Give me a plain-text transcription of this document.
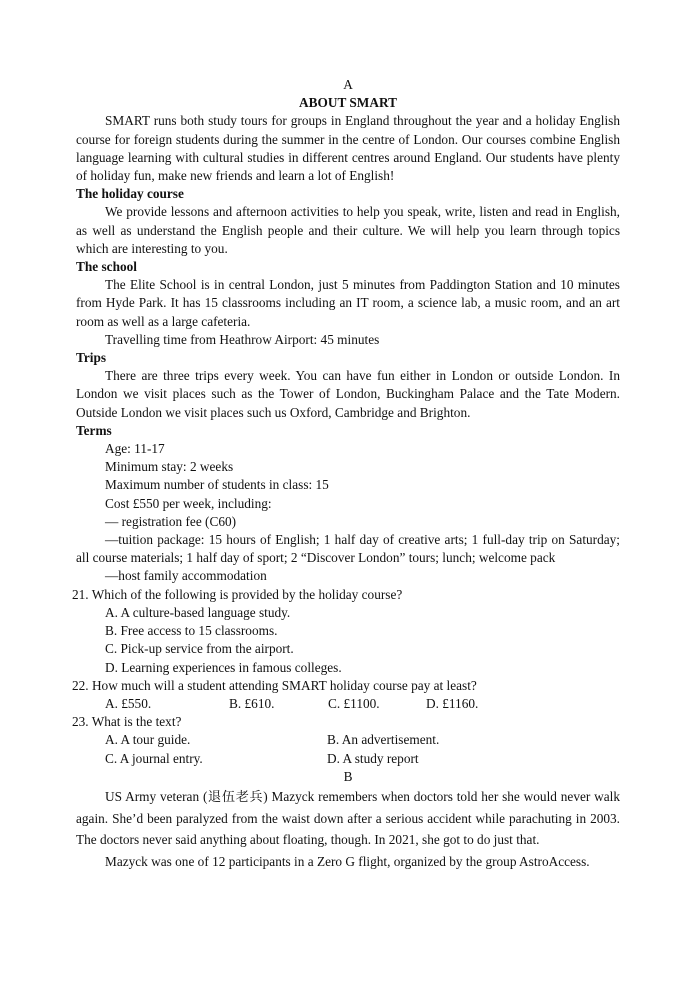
A
ABOUT SMART

SMART runs both study tours for groups in England throughout the year and a holiday English course for foreign students during the summer in the centre of London. Our courses combine English language learning with cultural studies in different centres around England. Our students have plenty of holiday fun, make new friends and learn a lot of English!

The holiday course

We provide lessons and afternoon activities to help you speak, write, listen and read in English, as well as understand the English people and their culture. We will help you learn through topics which are interesting to you.

The school

The Elite School is in central London, just 5 minutes from Paddington Station and 10 minutes from Hyde Park. It has 15 classrooms including an IT room, a science lab, a music room, and an art room as well as a large cafeteria.

Travelling time from Heathrow Airport: 45 minutes

Trips

There are three trips every week. You can have fun either in London or outside London. In London we visit places such as the Tower of London, Buckingham Palace and the Tate Modern. Outside London we visit places such us Oxford, Cambridge and Brighton.

Terms

Age: 11-17

Minimum stay: 2 weeks

Maximum number of students in class: 15

Cost £550 per week, including:

— registration fee (C60)

—tuition package: 15 hours of English; 1 half day of creative arts; 1 full-day trip on Saturday; all course materials; 1 half day of sport; 2 “Discover London” tours; lunch; welcome pack

—host family accommodation

21. Which of the following is provided by the holiday course?
A. A culture-based language study.
B. Free access to 15 classrooms.
C. Pick-up service from the airport.
D. Learning experiences in famous colleges.
22. How much will a student attending SMART holiday course pay at least?
A. £550.	B. £610.	C. £1100.	D. £1160.
23. What is the text?
A. A tour guide.	B. An advertisement.
C. A journal entry.	D. A study report
B

US Army veteran (退伍老兵) Mazyck remembers when doctors told her she would never walk again. She’d been paralyzed from the waist down after a serious accident while parachuting in 2003. The doctors never said anything about floating, though. In 2021, she got to do just that.

Mazyck was one of 12 participants in a Zero G flight, organized by the group AstroAccess.
